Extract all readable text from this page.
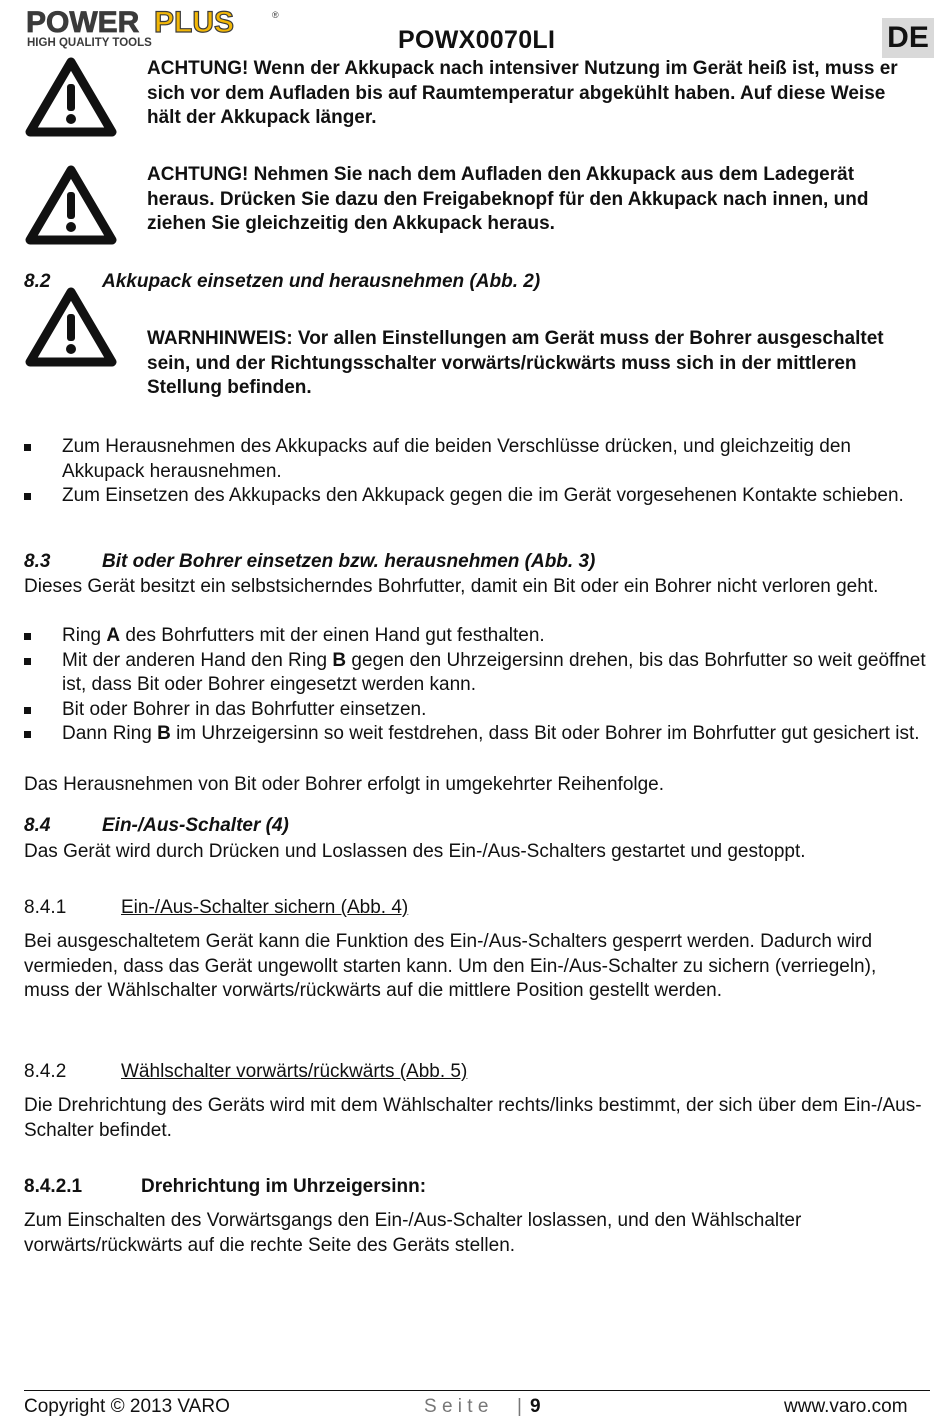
POWER PLUS	®
HIGH QUALITY TOOLS	POWX0070LI	DE
ACHTUNG! Wenn der Akkupack nach intensiver Nutzung im Gerät heiß ist, muss er sich vor dem Aufladen bis auf Raumtemperatur abgekühlt haben. Auf diese Weise hält der Akkupack länger.
ACHTUNG! Nehmen Sie nach dem Aufladen den Akkupack aus dem Ladegerät heraus. Drücken Sie dazu den Freigabeknopf für den Akkupack nach innen, und ziehen Sie gleichzeitig den Akkupack heraus.
8.2	Akkupack einsetzen und herausnehmen (Abb. 2)
WARNHINWEIS: Vor allen Einstellungen am Gerät muss der Bohrer ausgeschaltet sein, und der Richtungsschalter vorwärts/rückwärts muss sich in der mittleren Stellung befinden.
Zum Herausnehmen des Akkupacks auf die beiden Verschlüsse drücken, und gleichzeitig den Akkupack herausnehmen.
Zum Einsetzen des Akkupacks den Akkupack gegen die im Gerät vorgesehenen Kontakte schieben.
8.3	Bit oder Bohrer einsetzen bzw. herausnehmen (Abb. 3)
Dieses Gerät besitzt ein selbstsicherndes Bohrfutter, damit ein Bit oder ein Bohrer nicht verloren geht.
Ring A des Bohrfutters mit der einen Hand gut festhalten.
Mit der anderen Hand den Ring B gegen den Uhrzeigersinn drehen, bis das Bohrfutter so weit geöffnet ist, dass Bit oder Bohrer eingesetzt werden kann.
Bit oder Bohrer in das Bohrfutter einsetzen.
Dann Ring B im Uhrzeigersinn so weit festdrehen, dass Bit oder Bohrer im Bohrfutter gut gesichert ist.
Das Herausnehmen von Bit oder Bohrer erfolgt in umgekehrter Reihenfolge.
8.4	Ein-/Aus-Schalter (4)
Das Gerät wird durch Drücken und Loslassen des Ein-/Aus-Schalters gestartet und gestoppt.
8.4.1	Ein-/Aus-Schalter sichern (Abb. 4)
Bei ausgeschaltetem Gerät kann die Funktion des Ein-/Aus-Schalters gesperrt werden. Dadurch wird vermieden, dass das Gerät ungewollt starten kann. Um den Ein-/Aus-Schalter zu sichern (verriegeln), muss der Wählschalter vorwärts/rückwärts auf die mittlere Position gestellt werden.
8.4.2	Wählschalter vorwärts/rückwärts (Abb. 5)
Die Drehrichtung des Geräts wird mit dem Wählschalter rechts/links bestimmt, der sich über dem Ein-/Aus-Schalter befindet.
8.4.2.1	Drehrichtung im Uhrzeigersinn:
Zum Einschalten des Vorwärtsgangs den Ein-/Aus-Schalter loslassen, und den Wählschalter vorwärts/rückwärts auf die rechte Seite des Geräts stellen.
Copyright © 2013 VARO	S e i t e | 9	www.varo.com
